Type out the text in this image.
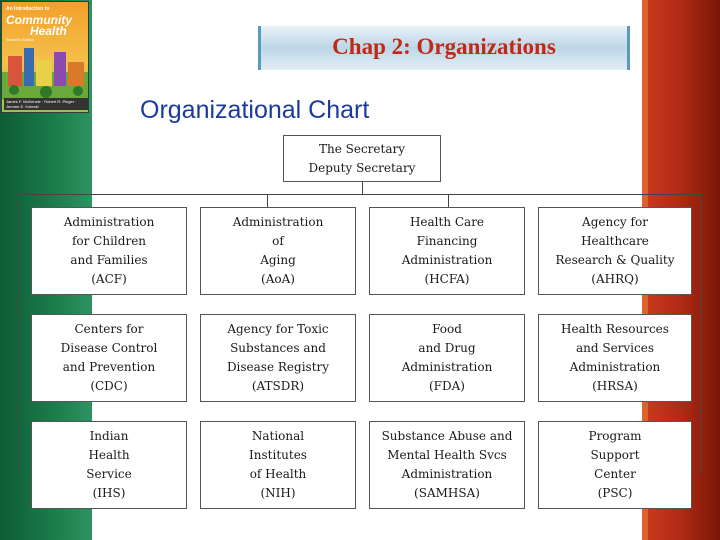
An Introduction to
Community
Health
Seventh Edition
James F. McKenzie · Robert R. Pinger · Jerome E. Kotecki
Chap 2: Organizations
Organizational Chart
The Secretary
Deputy Secretary
Administration
for Children
and Families
(ACF)
Administration
of
Aging
(AoA)
Health Care
Financing
Administration
(HCFA)
Agency for
Healthcare
Research & Quality
(AHRQ)
Centers for
Disease Control
and Prevention
(CDC)
Agency for Toxic
Substances and
Disease Registry
(ATSDR)
Food
and Drug
Administration
(FDA)
Health Resources
and Services
Administration
(HRSA)
Indian
Health
Service
(IHS)
National
Institutes
of Health
(NIH)
Substance Abuse and
Mental Health Svcs
Administration
(SAMHSA)
Program
Support
Center
(PSC)
